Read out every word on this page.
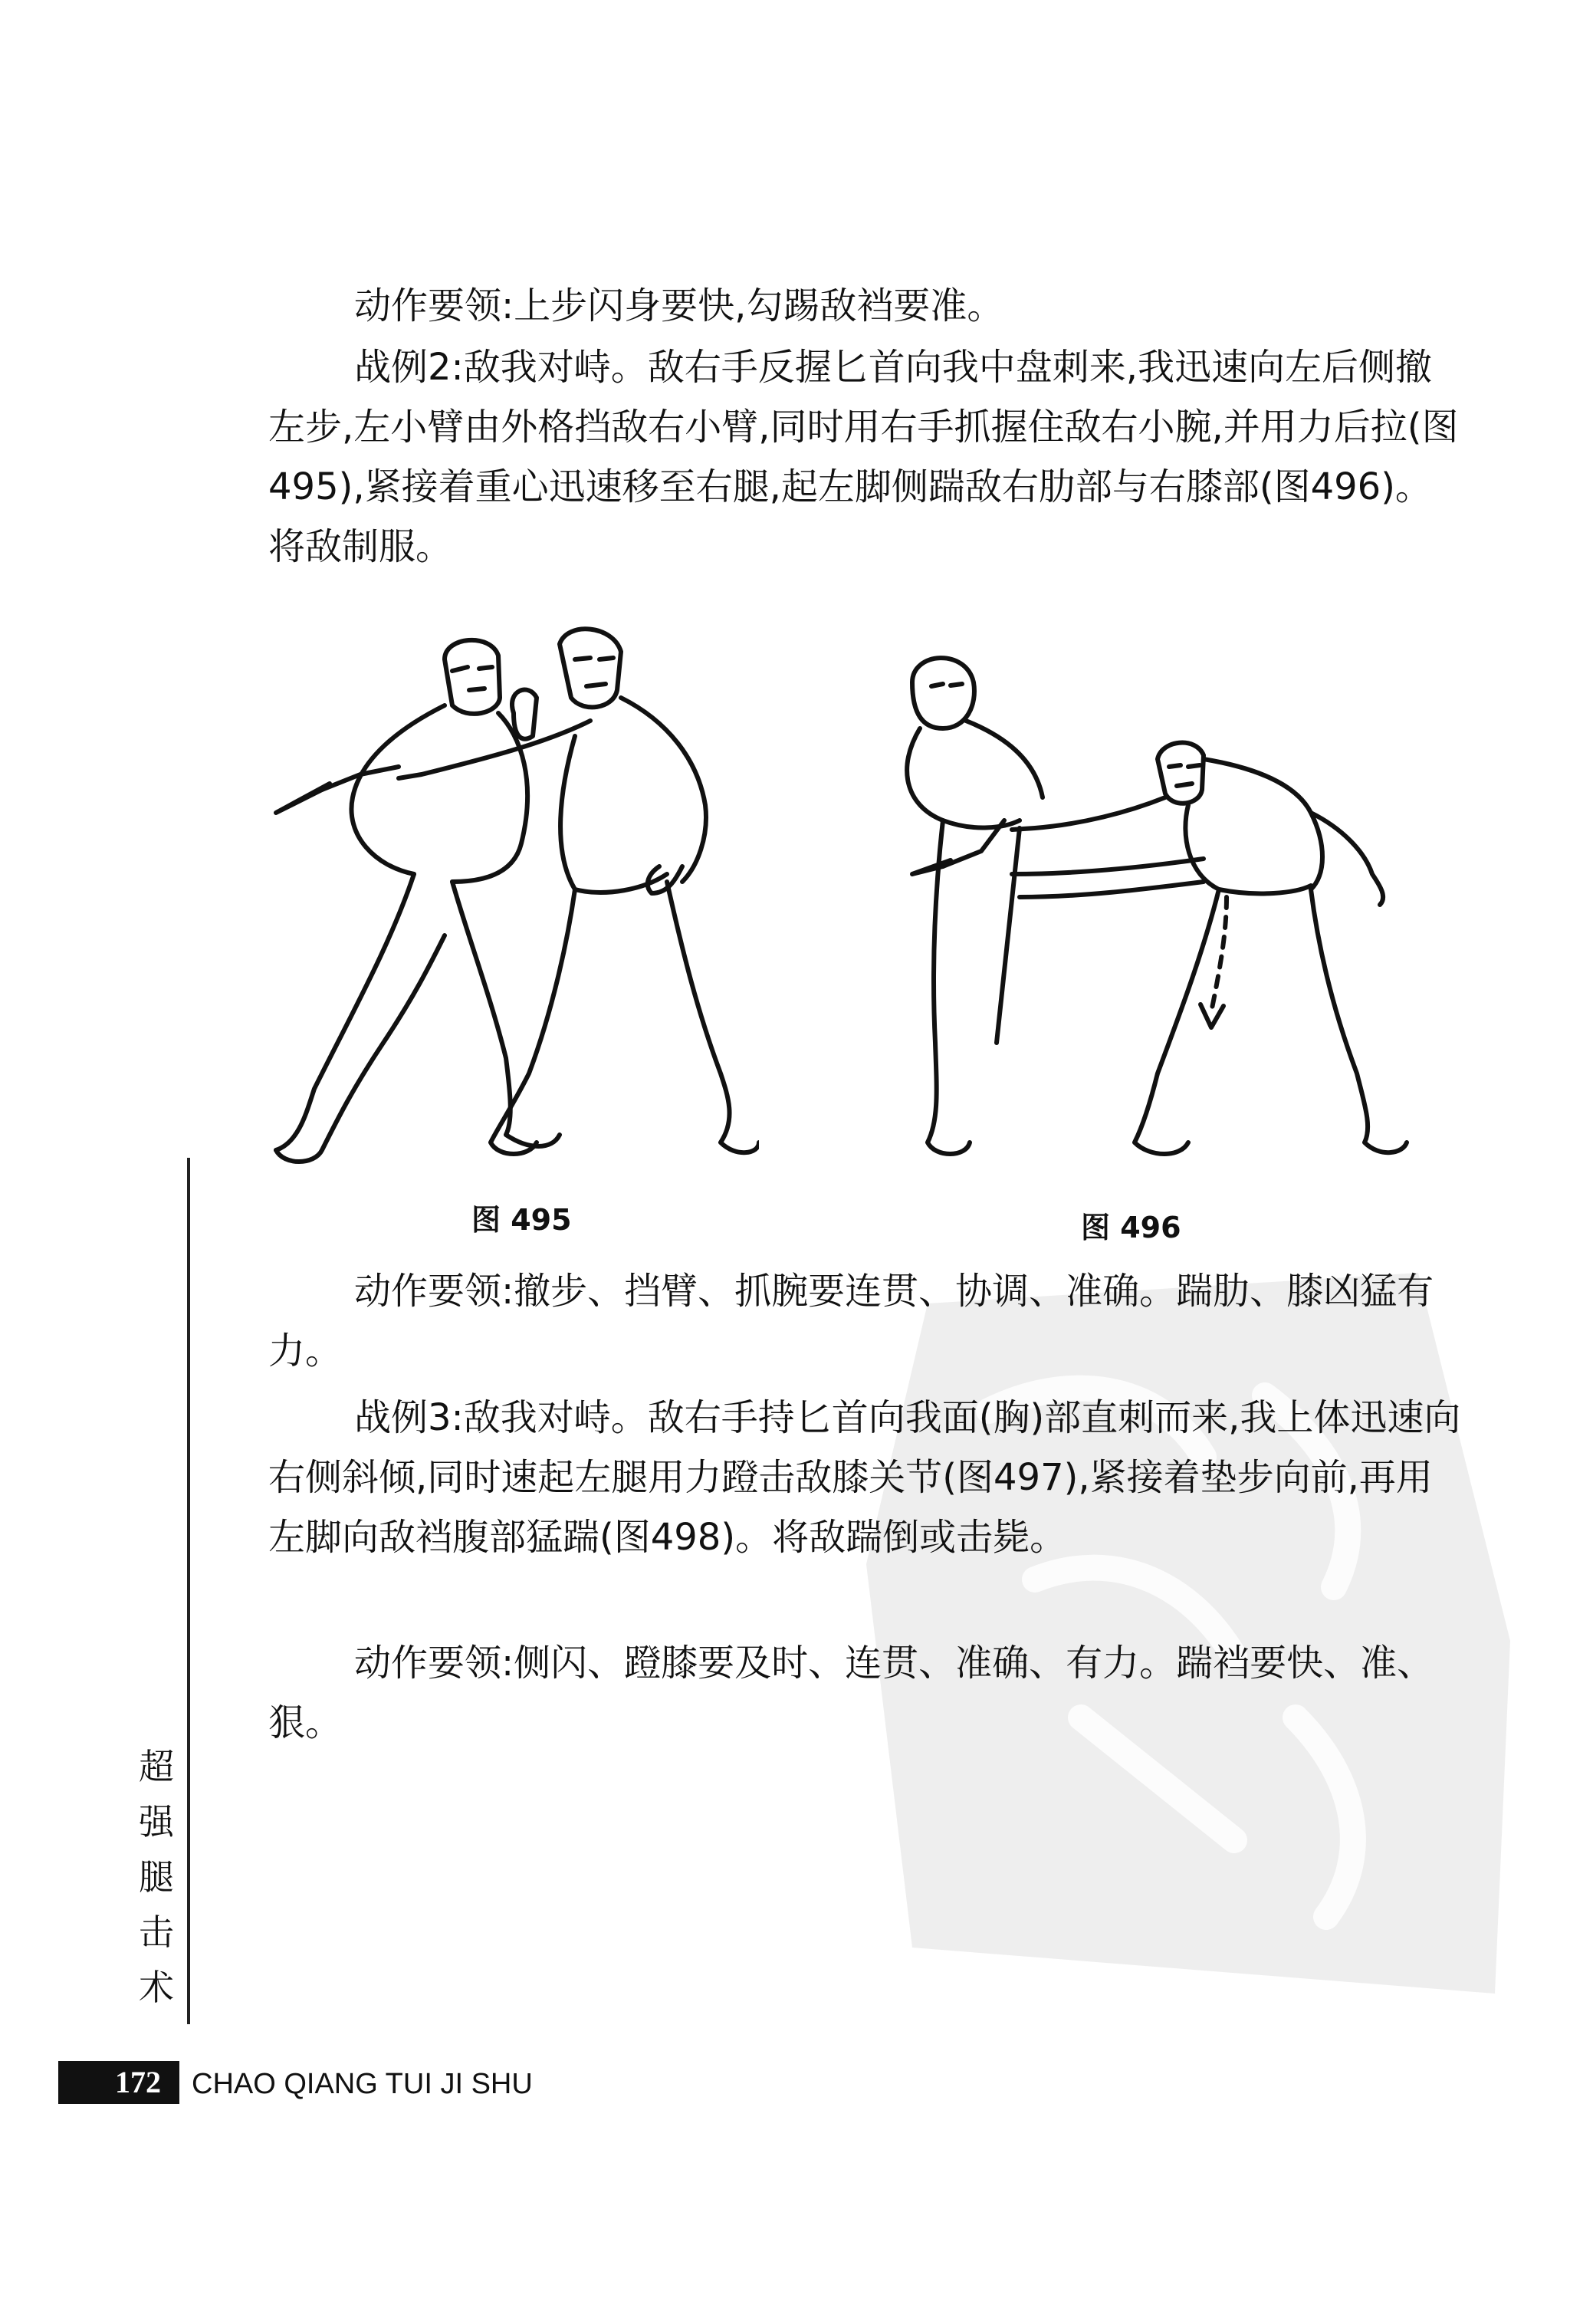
动作要领:上步闪身要快,勾踢敌裆要准。

战例2:敌我对峙。敌右手反握匕首向我中盘刺来,我迅速向左后侧撤左步,左小臂由外格挡敌右小臂,同时用右手抓握住敌右小腕,并用力后拉(图495),紧接着重心迅速移至右腿,起左脚侧踹敌右肋部与右膝部(图496)。将敌制服。

图 495	图 496

动作要领:撤步、挡臂、抓腕要连贯、协调、准确。踹肋、膝凶猛有力。

战例3:敌我对峙。敌右手持匕首向我面(胸)部直刺而来,我上体迅速向右侧斜倾,同时速起左腿用力蹬击敌膝关节(图497),紧接着垫步向前,再用左脚向敌裆腹部猛踹(图498)。将敌踹倒或击毙。

动作要领:侧闪、蹬膝要及时、连贯、准确、有力。踹裆要快、准、狠。

超
强
腿
击
术
172 CHAO QIANG TUI JI SHU
